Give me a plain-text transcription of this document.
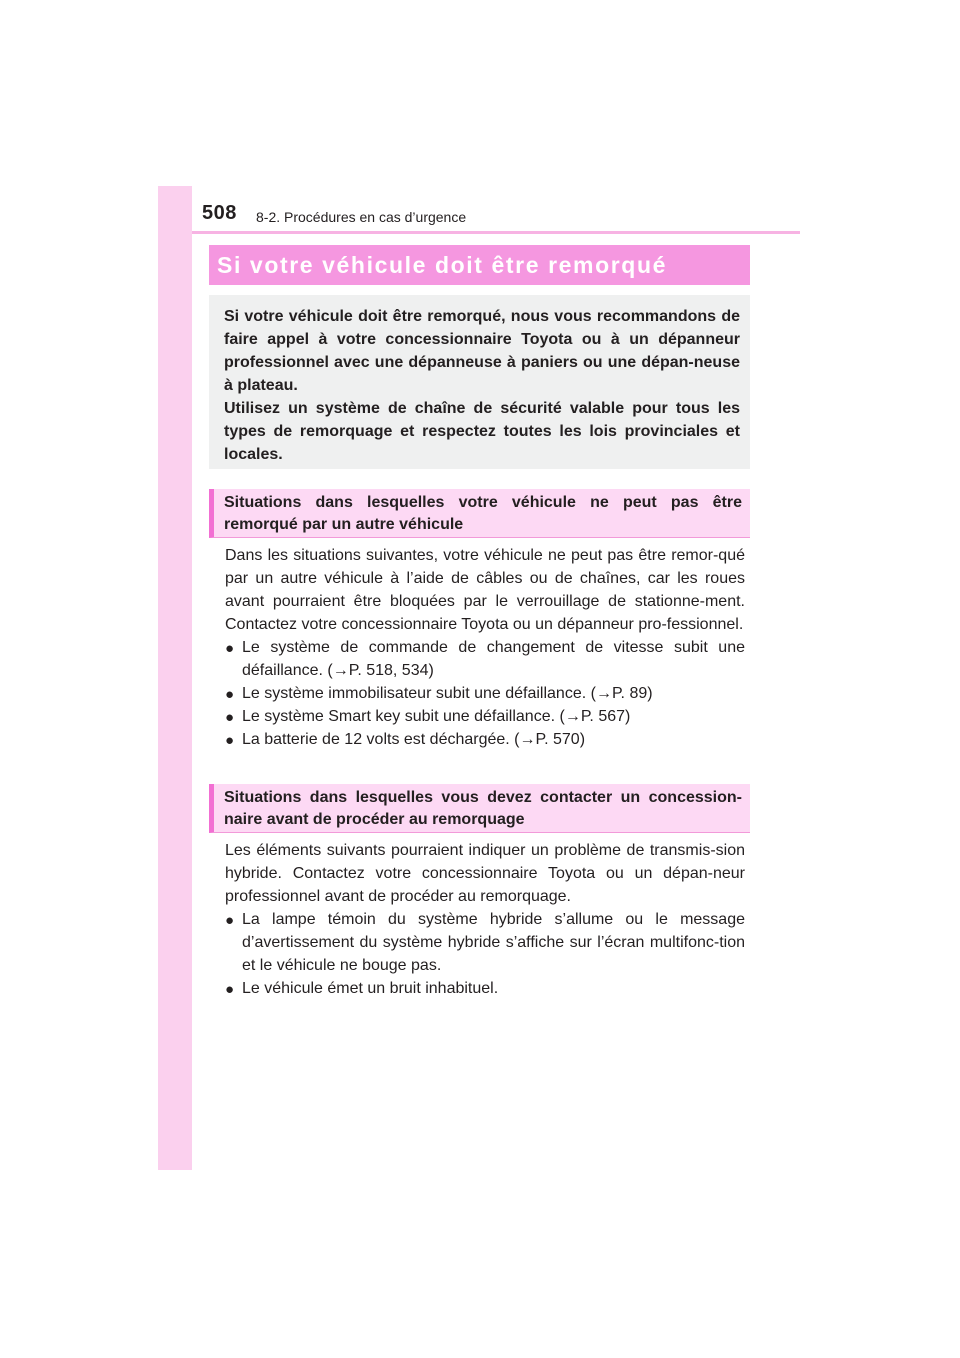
508 8-2. Procédures en cas d’urgence
Si votre véhicule doit être remorqué

Si votre véhicule doit être remorqué, nous vous recommandons de faire appel à votre concessionnaire Toyota ou à un dépanneur professionnel avec une dépanneuse à paniers ou une dépan-neuse à plateau.

Utilisez un système de chaîne de sécurité valable pour tous les types de remorquage et respectez toutes les lois provinciales et locales.

Situations dans lesquelles votre véhicule ne peut pas être remorqué par un autre véhicule

Dans les situations suivantes, votre véhicule ne peut pas être remor-qué par un autre véhicule à l’aide de câbles ou de chaînes, car les roues avant pourraient être bloquées par le verrouillage de stationne-ment. Contactez votre concessionnaire Toyota ou un dépanneur pro-fessionnel.

● Le système de commande de changement de vitesse subit une défaillance. (→P. 518, 534)
● Le système immobilisateur subit une défaillance. (→P. 89)
● Le système Smart key subit une défaillance. (→P. 567)
● La batterie de 12 volts est déchargée. (→P. 570)
Situations dans lesquelles vous devez contacter un concession-naire avant de procéder au remorquage

Les éléments suivants pourraient indiquer un problème de transmis-sion hybride. Contactez votre concessionnaire Toyota ou un dépan-neur professionnel avant de procéder au remorquage.

● La lampe témoin du système hybride s’allume ou le message d’avertissement du système hybride s’affiche sur l’écran multifonc-tion et le véhicule ne bouge pas.
● Le véhicule émet un bruit inhabituel.
